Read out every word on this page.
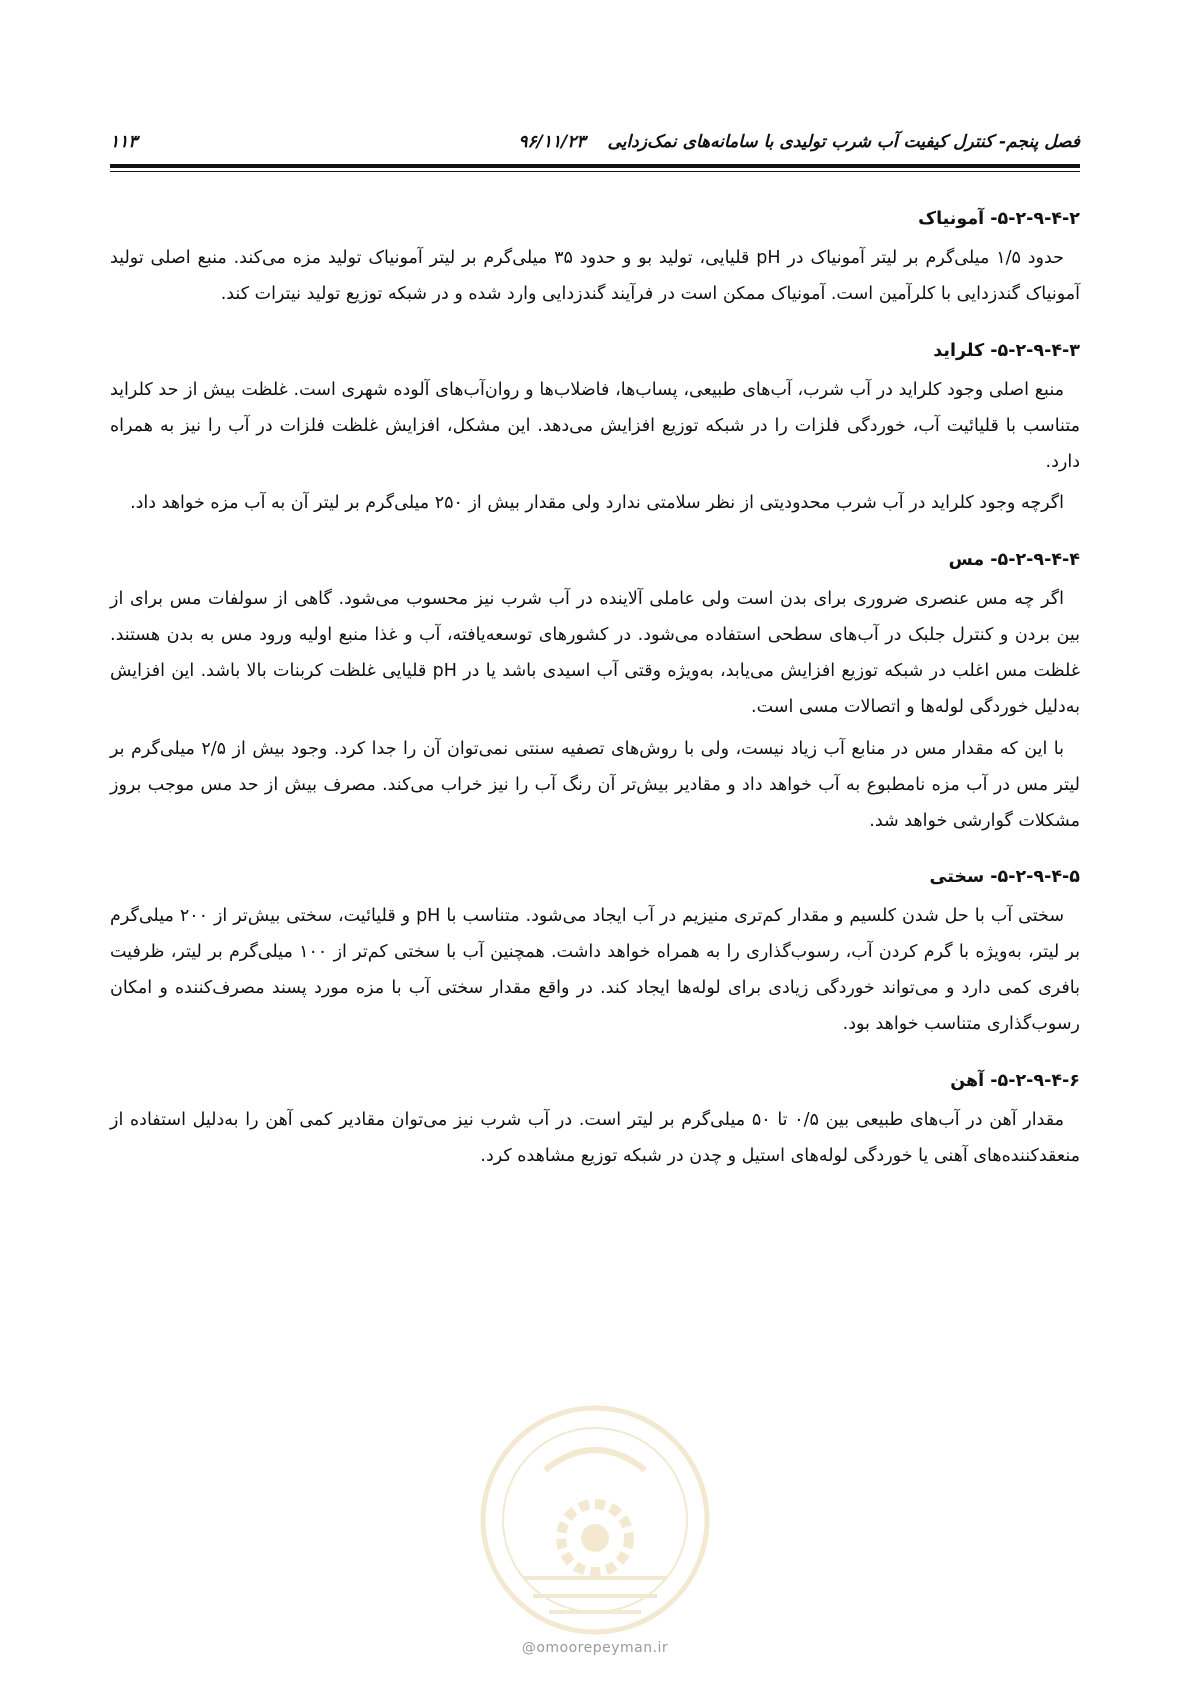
فصل پنجم- کنترل کیفیت آب شرب تولیدی با سامانه‌های نمک‌زدایی
۹۶/۱۱/۲۳
۱۱۳
۵-۲-۹-۴-۲- آمونیاک

حدود ۱/۵ میلی‌گرم بر لیتر آمونیاک در pH قلیایی، تولید بو و حدود ۳۵ میلی‌گرم بر لیتر آمونیاک تولید مزه می‌کند. منبع اصلی تولید آمونیاک گندزدایی با کلرآمین است. آمونیاک ممکن است در فرآیند گندزدایی وارد شده و در شبکه توزیع تولید نیترات کند.

۵-۲-۹-۴-۳- کلراید

منبع اصلی وجود کلراید در آب شرب، آب‌های طبیعی، پساب‌ها، فاضلاب‌ها و روان‌آب‌های آلوده شهری است. غلظت بیش از حد کلراید متناسب با قلیائیت آب، خوردگی فلزات را در شبکه توزیع افزایش می‌دهد. این مشکل، افزایش غلظت فلزات در آب را نیز به همراه دارد.

اگرچه وجود کلراید در آب شرب محدودیتی از نظر سلامتی ندارد ولی مقدار بیش از ۲۵۰ میلی‌گرم بر لیتر آن به آب مزه خواهد داد.

۵-۲-۹-۴-۴- مس

اگر چه مس عنصری ضروری برای بدن است ولی عاملی آلاینده در آب شرب نیز محسوب می‌شود. گاهی از سولفات مس برای از بین بردن و کنترل جلبک در آب‌های سطحی استفاده می‌شود. در کشورهای توسعه‌یافته، آب و غذا منبع اولیه ورود مس به بدن هستند. غلظت مس اغلب در شبکه توزیع افزایش می‌یابد، به‌ویژه وقتی آب اسیدی باشد یا در pH قلیایی غلظت کربنات بالا باشد. این افزایش به‌دلیل خوردگی لوله‌ها و اتصالات مسی است.

با این که مقدار مس در منابع آب زیاد نیست، ولی با روش‌های تصفیه سنتی نمی‌توان آن را جدا کرد. وجود بیش از ۲/۵ میلی‌گرم بر لیتر مس در آب مزه نامطبوع به آب خواهد داد و مقادیر بیش‌تر آن رنگ آب را نیز خراب می‌کند. مصرف بیش از حد مس موجب بروز مشکلات گوارشی خواهد شد.

۵-۲-۹-۴-۵- سختی

سختی آب با حل شدن کلسیم و مقدار کم‌تری منیزیم در آب ایجاد می‌شود. متناسب با pH و قلیائیت، سختی بیش‌تر از ۲۰۰ میلی‌گرم بر لیتر، به‌ویژه با گرم کردن آب، رسوب‌گذاری را به همراه خواهد داشت. همچنین آب با سختی کم‌تر از ۱۰۰ میلی‌گرم بر لیتر، ظرفیت بافری کمی دارد و می‌تواند خوردگی زیادی برای لوله‌ها ایجاد کند. در واقع مقدار سختی آب با مزه مورد پسند مصرف‌کننده و امکان رسوب‌گذاری متناسب خواهد بود.

۵-۲-۹-۴-۶- آهن

مقدار آهن در آب‌های طبیعی بین ۰/۵ تا ۵۰ میلی‌گرم بر لیتر است. در آب شرب نیز می‌توان مقادیر کمی آهن را به‌دلیل استفاده از منعقدکننده‌های آهنی یا خوردگی لوله‌های استیل و چدن در شبکه توزیع مشاهده کرد.

@omoorepeyman.ir
